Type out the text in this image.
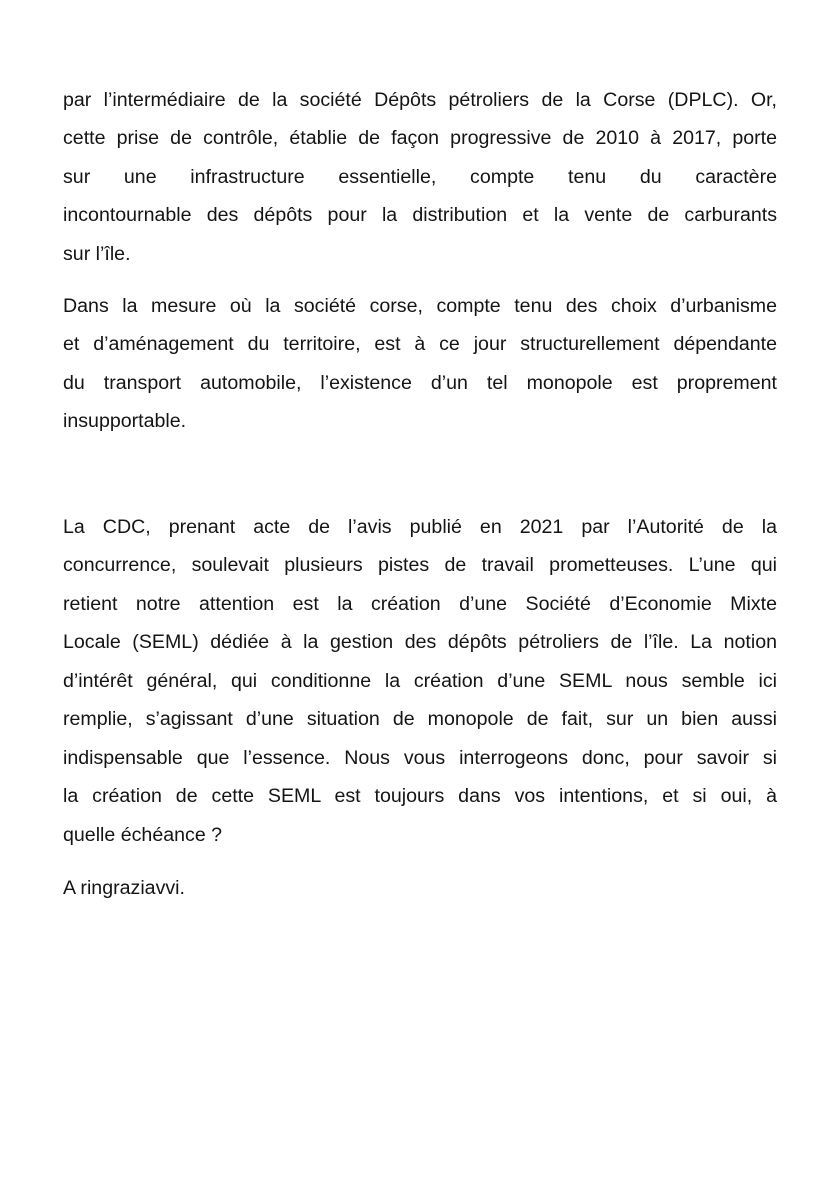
par l’intermédiaire de la société Dépôts pétroliers de la Corse (DPLC). Or,

cette prise de contrôle, établie de façon progressive de 2010 à 2017, porte

sur une infrastructure essentielle, compte tenu du caractère

incontournable des dépôts pour la distribution et la vente de carburants

sur l’île.

Dans la mesure où la société corse, compte tenu des choix d’urbanisme

et d’aménagement du territoire, est à ce jour structurellement dépendante

du transport automobile, l’existence d’un tel monopole est proprement

insupportable.

La CDC, prenant acte de l’avis publié en 2021 par l’Autorité de la

concurrence, soulevait plusieurs pistes de travail prometteuses. L’une qui

retient notre attention est la création d’une Société d’Economie Mixte

Locale (SEML) dédiée à la gestion des dépôts pétroliers de l’île. La notion

d’intérêt général, qui conditionne la création d’une SEML nous semble ici

remplie, s’agissant d’une situation de monopole de fait, sur un bien aussi

indispensable que l’essence. Nous vous interrogeons donc, pour savoir si

la création de cette SEML est toujours dans vos intentions, et si oui, à

quelle échéance ?

A ringraziavvi.
